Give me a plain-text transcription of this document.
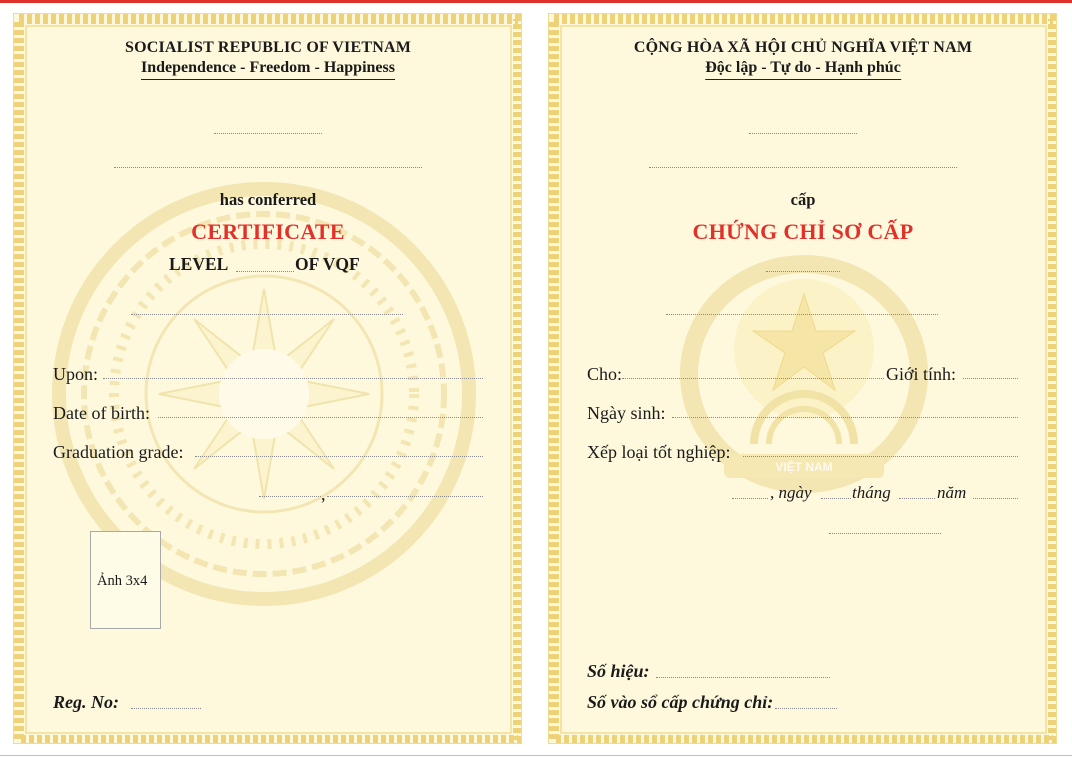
SOCIALIST REPUBLIC OF VIETNAM
Independence - Freedom - Happiness
has conferred
CERTIFICATE
LEVEL	OF VQF
Upon:
Date of birth:
Graduation grade:
,
Ảnh 3x4
Reg. No:
VIỆT NAM
CỘNG HÒA XÃ HỘI CHỦ NGHĨA VIỆT NAM
Độc lập - Tự do - Hạnh phúc
cấp
CHỨNG CHỈ SƠ CẤP
Cho:	Giới tính:
Ngày sinh:
Xếp loại tốt nghiệp:
, ngày tháng	năm
Số hiệu:
Số vào sổ cấp chứng chỉ:
